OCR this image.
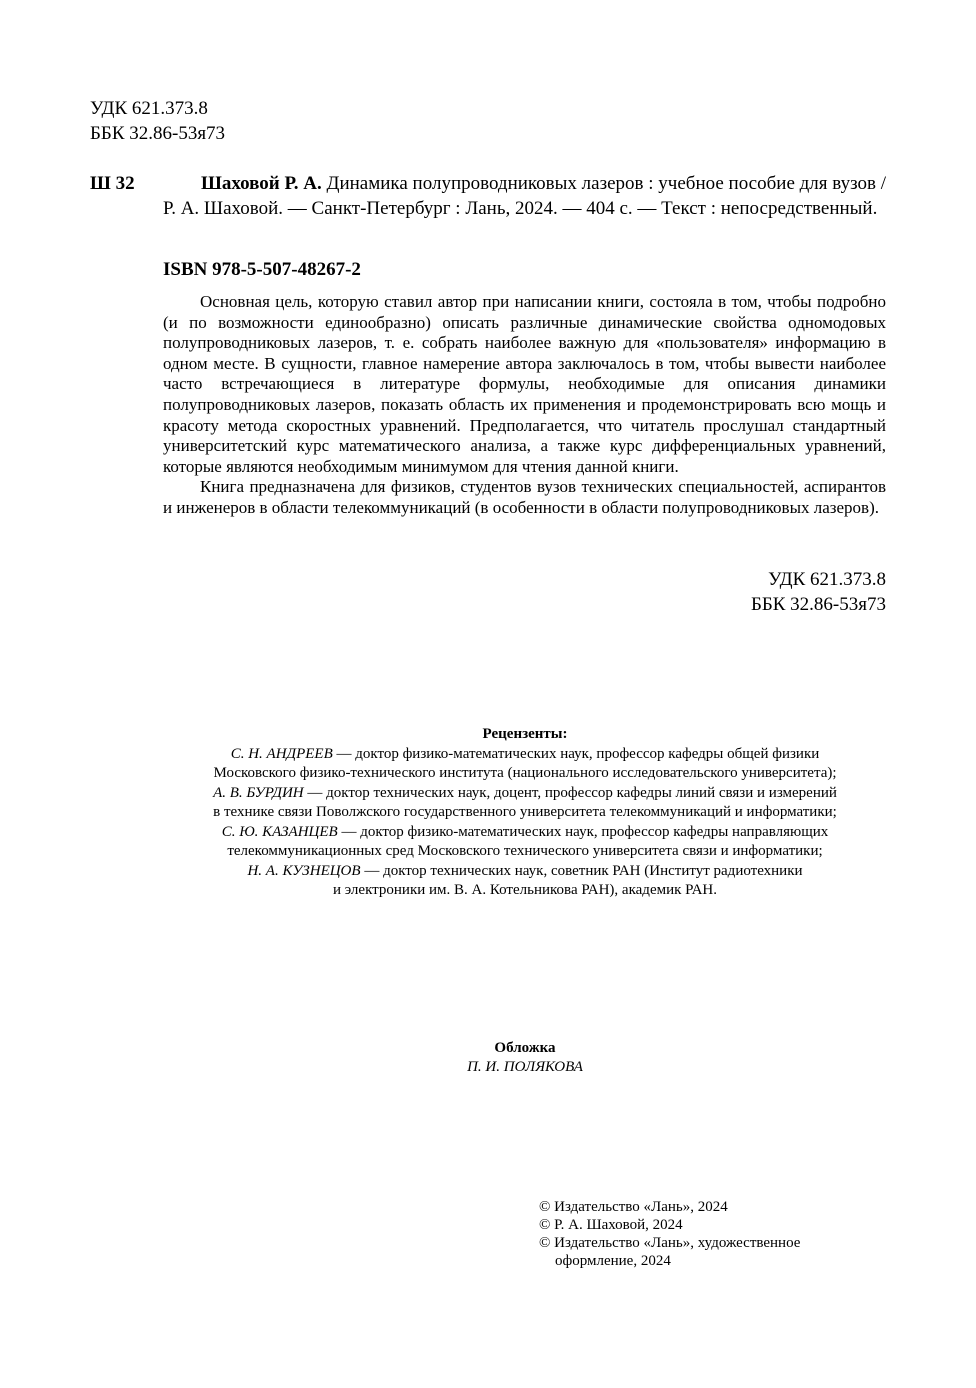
УДК 621.373.8
ББК 32.86-53я73
Ш 32	Шаховой Р. А. Динамика полупроводниковых лазеров : учебное пособие для вузов / Р. А. Шаховой. — Санкт-Петербург : Лань, 2024. — 404 с. — Текст : непосредственный.
ISBN 978-5-507-48267-2

Основная цель, которую ставил автор при написании книги, состояла в том, чтобы подробно (и по возможности единообразно) описать различные динамические свойства одномодовых полупроводниковых лазеров, т. е. собрать наиболее важную для «пользователя» информацию в одном месте. В сущности, главное намерение автора заключалось в том, чтобы вывести наиболее часто встречающиеся в литературе формулы, необходимые для описания динамики полупроводниковых лазеров, показать область их применения и продемонстрировать всю мощь и красоту метода скоростных уравнений. Предполагается, что читатель прослушал стандартный университетский курс математического анализа, а также курс дифференциальных уравнений, которые являются необходимым минимумом для чтения данной книги.

Книга предназначена для физиков, студентов вузов технических специальностей, аспирантов и инженеров в области телекоммуникаций (в особенности в области полупроводниковых лазеров).

УДК 621.373.8
ББК 32.86-53я73
Рецензенты:
С. Н. АНДРЕЕВ — доктор физико-математических наук, профессор кафедры общей физики
Московского физико-технического института (национального исследовательского университета);
А. В. БУРДИН — доктор технических наук, доцент, профессор кафедры линий связи и измерений
в технике связи Поволжского государственного университета телекоммуникаций и информатики;
С. Ю. КАЗАНЦЕВ — доктор физико-математических наук, профессор кафедры направляющих
телекоммуникационных сред Московского технического университета связи и информатики;
Н. А. КУЗНЕЦОВ — доктор технических наук, советник РАН (Институт радиотехники
и электроники им. В. А. Котельникова РАН), академик РАН.
Обложка
П. И. ПОЛЯКОВА
© Издательство «Лань», 2024
© Р. А. Шаховой, 2024
© Издательство «Лань», художественное
оформление, 2024
